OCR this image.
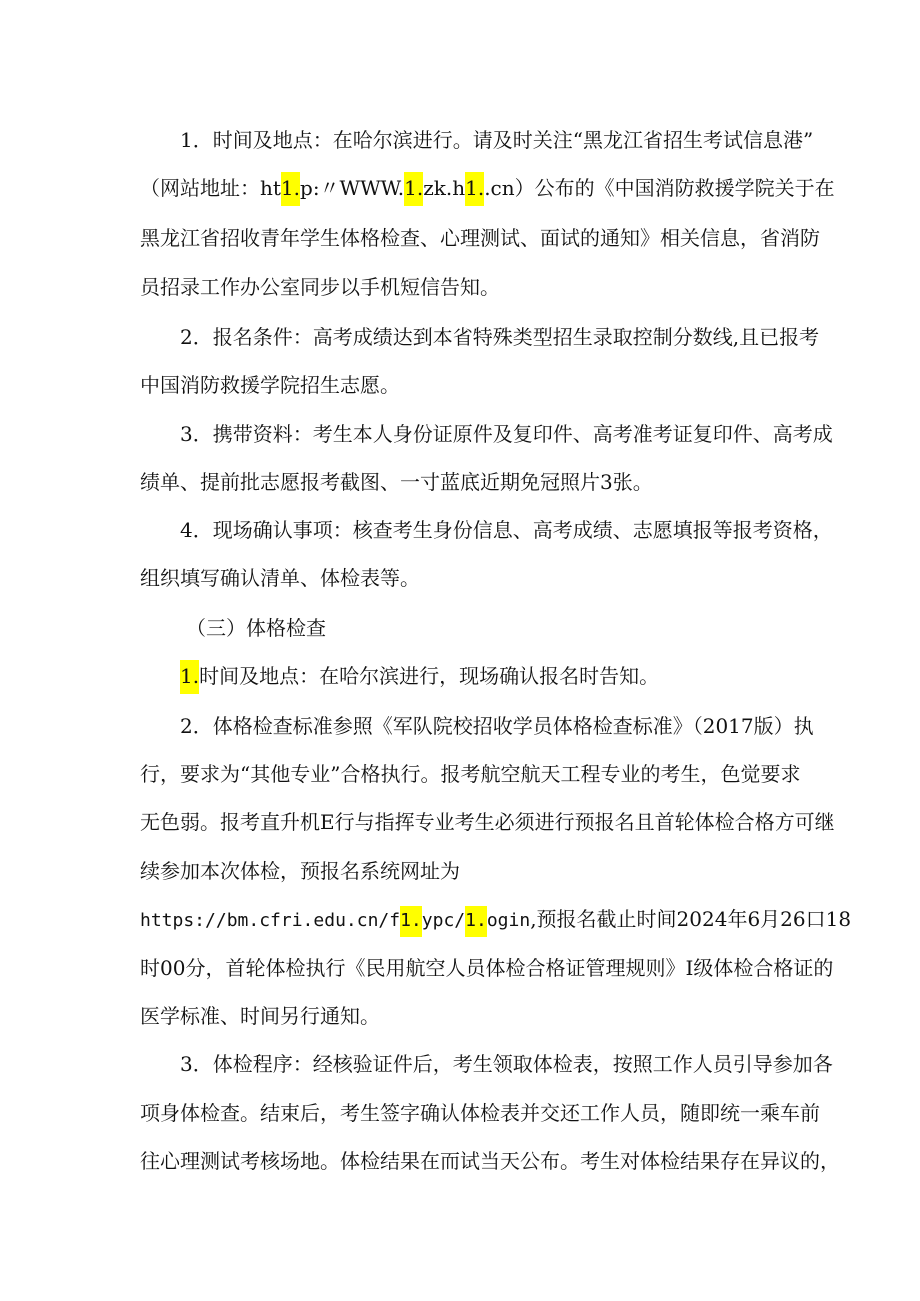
1．时间及地点：在哈尔滨进行。请及时关注“黑龙江省招生考试信息港”
（网站地址：ht1.p:〃WWW.1.zk.h1..cn）公布的《中国消防救援学院关于在
黑龙江省招收青年学生体格检查、心理测试、面试的通知》相关信息，省消防
员招录工作办公室同步以手机短信告知。
2．报名条件：高考成绩达到本省特殊类型招生录取控制分数线,且已报考
中国消防救援学院招生志愿。
3．携带资料：考生本人身份证原件及复印件、高考准考证复印件、高考成
绩单、提前批志愿报考截图、一寸蓝底近期免冠照片3张。
4．现场确认事项：核查考生身份信息、高考成绩、志愿填报等报考资格，
组织填写确认清单、体检表等。
（三）体格检查
1.时间及地点：在哈尔滨进行，现场确认报名时告知。
2．体格检查标准参照《军队院校招收学员体格检查标准》（2017版）执
行，要求为“其他专业”合格执行。报考航空航天工程专业的考生，色觉要求
无色弱。报考直升机E行与指挥专业考生必须进行预报名且首轮体检合格方可继
续参加本次体检，预报名系统网址为
https://bm.cfri.edu.cn/f1.ypc/1.ogin,预报名截止时间2024年6月26口18
时00分，首轮体检执行《民用航空人员体检合格证管理规则》I级体检合格证的
医学标准、时间另行通知。
3．体检程序：经核验证件后，考生领取体检表，按照工作人员引导参加各
项身体检查。结束后，考生签字确认体检表并交还工作人员，随即统一乘车前
往心理测试考核场地。体检结果在而试当天公布。考生对体检结果存在异议的，
